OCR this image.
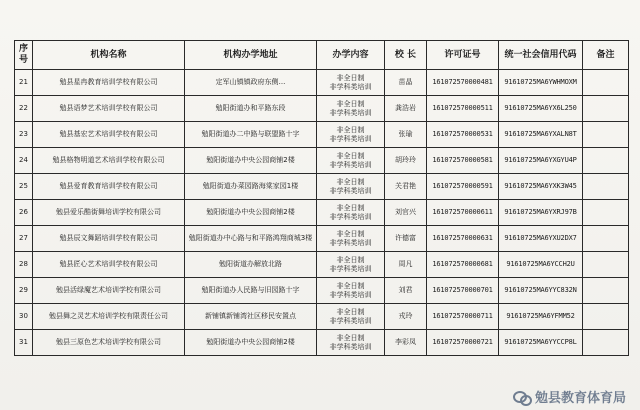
序
号	机构名称	机构办学地址	办学内容	校 长	许可证号	统一社会信用代码	备注
21	勉县星冉教育培训学校有限公司	定军山镇镇政府东侧...	非全日制
非学科类培训	苗晶	161072570000481	91610725MA6YWHMOXM	
22	勉县语梦艺术培训学校有限公司	勉阳街道办和平路东段	非全日制
非学科类培训	龚浩岩	161072570000511	91610725MA6YX6L250	
23	勉县基宏艺术培训学校有限公司	勉阳街道办二中路与联盟路十字	非全日制
非学科类培训	张瑜	161072570000531	91610725MA6YXALN8T	
24	勉县格物明道艺术培训学校有限公司	勉阳街道办中央公园商铺2楼	非全日制
非学科类培训	胡玲玲	161072570000581	91610725MA6YXGYU4P	
25	勉县爱育教育培训学校有限公司	勉阳街道办菜园路海棠家园1楼	非全日制
非学科类培训	关君艳	161072570000591	91610725MA6YXK3W45	
26	勉县爱乐酷街舞培训学校有限公司	勉阳街道办中央公园商铺2楼	非全日制
非学科类培训	刘官兴	161072570000611	91610725MA6YXRJ97B	
27	勉县辰文舞蹈培训学校有限公司	勉阳街道办中心路与和平路鸿翔商城3楼	非全日制
非学科类培训	许德富	161072570000631	91610725MA6YXU2DX7	
28	勉县匠心艺术培训学校有限公司	勉阳街道办解放北路	非全日制
非学科类培训	周凡	161072570000681	91610725MA6YCCH2U	
29	勉县活绿魔艺术培训学校有限公司	勉阳街道办人民路与旧园路十字	非全日制
非学科类培训	刘君	161072570000701	91610725MA6YYC832N	
30	勉县舞之灵艺术培训学校有限责任公司	新铺镇新铺湾社区移民安置点	非全日制
非学科类培训	戎玲	161072570000711	91610725MA6YFMM52	
31	勉县三原色艺术培训学校有限公司	勉阳街道办中央公园商铺2楼	非全日制
非学科类培训	李彩凤	161072570000721	91610725MA6YYCCP8L	
勉县教育体育局
